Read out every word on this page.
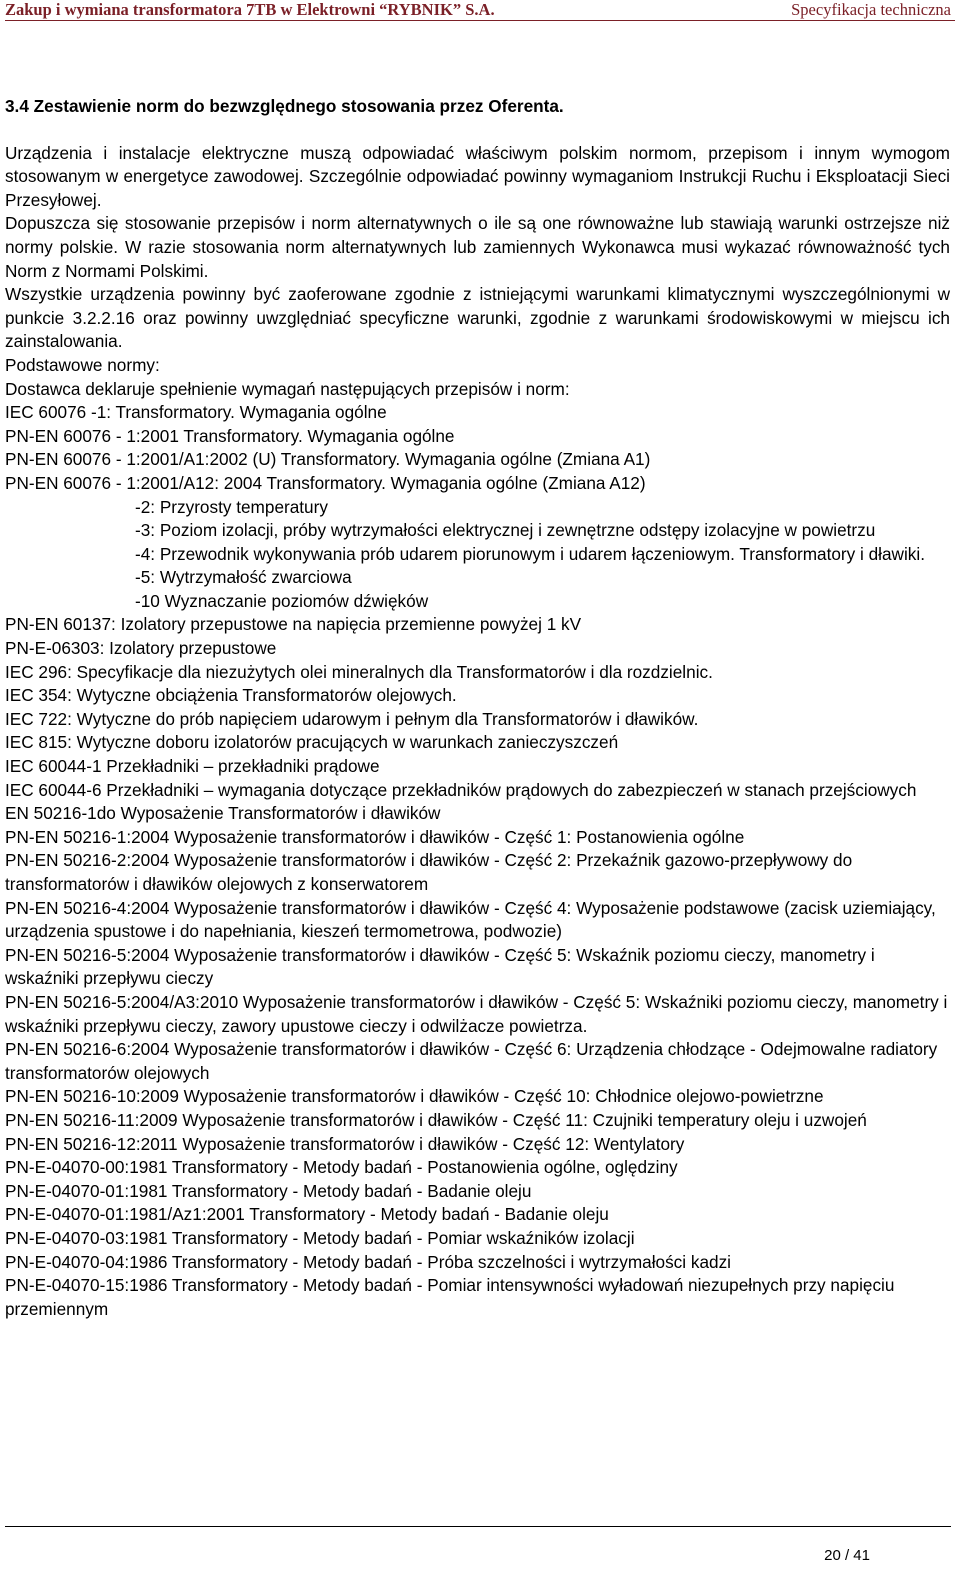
Zakup i wymiana transformatora 7TB w Elektrowni “RYBNIK” S.A.	Specyfikacja techniczna

3.4 Zestawienie norm do bezwzględnego stosowania przez Oferenta.

Urządzenia i instalacje elektryczne muszą odpowiadać właściwym polskim normom, przepisom i innym wymogom stosowanym w energetyce zawodowej. Szczególnie odpowiadać powinny wymaganiom Instrukcji Ruchu i Eksploatacji Sieci Przesyłowej.

Dopuszcza się stosowanie przepisów i norm alternatywnych o ile są one równoważne lub stawiają warunki ostrzejsze niż normy polskie. W razie stosowania norm alternatywnych lub zamiennych Wykonawca musi wykazać równoważność tych Norm z Normami Polskimi.

Wszystkie urządzenia powinny być zaoferowane zgodnie z istniejącymi warunkami klimatycznymi wyszczególnionymi w punkcie 3.2.2.16 oraz powinny uwzględniać specyficzne warunki, zgodnie z warunkami środowiskowymi w miejscu ich zainstalowania.

Podstawowe normy:

Dostawca deklaruje spełnienie wymagań następujących przepisów i norm:

IEC 60076 -1: Transformatory. Wymagania ogólne
PN-EN 60076 - 1:2001 Transformatory. Wymagania ogólne
PN-EN 60076 - 1:2001/A1:2002 (U) Transformatory. Wymagania ogólne (Zmiana A1)
PN-EN 60076 - 1:2001/A12: 2004 Transformatory. Wymagania ogólne (Zmiana A12)
-2: Przyrosty temperatury
-3: Poziom izolacji, próby wytrzymałości elektrycznej i zewnętrzne odstępy izolacyjne w powietrzu
-4: Przewodnik wykonywania prób udarem piorunowym i udarem łączeniowym. Transformatory i dławiki.
-5: Wytrzymałość zwarciowa
-10 Wyznaczanie poziomów dźwięków
PN-EN 60137: Izolatory przepustowe na napięcia przemienne powyżej 1 kV
PN-E-06303: Izolatory przepustowe
IEC 296: Specyfikacje dla niezużytych olei mineralnych dla Transformatorów i dla rozdzielnic.
IEC 354: Wytyczne obciążenia Transformatorów olejowych.
IEC 722: Wytyczne do prób napięciem udarowym i pełnym dla Transformatorów i dławików.
IEC 815: Wytyczne doboru izolatorów pracujących w warunkach zanieczyszczeń
IEC 60044-1 Przekładniki – przekładniki prądowe
IEC 60044-6 Przekładniki – wymagania dotyczące przekładników prądowych do zabezpieczeń w stanach przejściowych
EN 50216-1do Wyposażenie Transformatorów i dławików
PN-EN 50216-1:2004 Wyposażenie transformatorów i dławików - Część 1: Postanowienia ogólne
PN-EN 50216-2:2004 Wyposażenie transformatorów i dławików - Część 2: Przekaźnik gazowo-przepływowy do transformatorów i dławików olejowych z konserwatorem
PN-EN 50216-4:2004 Wyposażenie transformatorów i dławików - Część 4: Wyposażenie podstawowe (zacisk uziemiający, urządzenia spustowe i do napełniania, kieszeń termometrowa, podwozie)
PN-EN 50216-5:2004 Wyposażenie transformatorów i dławików - Część 5: Wskaźnik poziomu cieczy, manometry i wskaźniki przepływu cieczy
PN-EN 50216-5:2004/A3:2010 Wyposażenie transformatorów i dławików - Część 5: Wskaźniki poziomu cieczy, manometry i wskaźniki przepływu cieczy, zawory upustowe cieczy i odwilżacze powietrza.
PN-EN 50216-6:2004 Wyposażenie transformatorów i dławików - Część 6: Urządzenia chłodzące - Odejmowalne radiatory transformatorów olejowych
PN-EN 50216-10:2009 Wyposażenie transformatorów i dławików - Część 10: Chłodnice olejowo-powietrzne
PN-EN 50216-11:2009 Wyposażenie transformatorów i dławików - Część 11: Czujniki temperatury oleju i uzwojeń
PN-EN 50216-12:2011 Wyposażenie transformatorów i dławików - Część 12: Wentylatory
PN-E-04070-00:1981 Transformatory - Metody badań - Postanowienia ogólne, oględziny
PN-E-04070-01:1981 Transformatory - Metody badań - Badanie oleju
PN-E-04070-01:1981/Az1:2001 Transformatory - Metody badań - Badanie oleju
PN-E-04070-03:1981 Transformatory - Metody badań - Pomiar wskaźników izolacji
PN-E-04070-04:1986 Transformatory - Metody badań - Próba szczelności i wytrzymałości kadzi
PN-E-04070-15:1986 Transformatory - Metody badań - Pomiar intensywności wyładowań niezupełnych przy napięciu przemiennym
20 / 41
